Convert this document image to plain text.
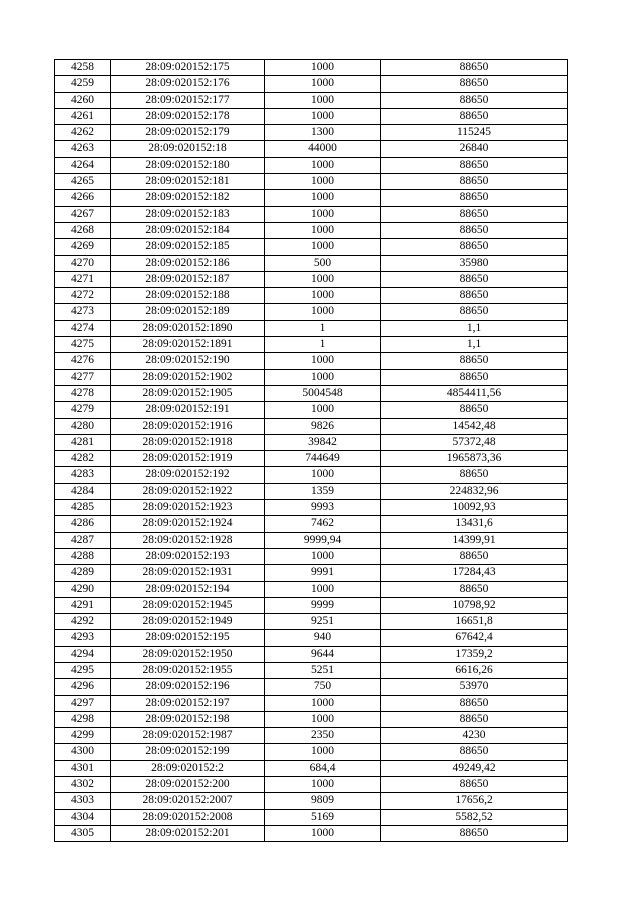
4258	28:09:020152:175	1000	88650
4259	28:09:020152:176	1000	88650
4260	28:09:020152:177	1000	88650
4261	28:09:020152:178	1000	88650
4262	28:09:020152:179	1300	115245
4263	28:09:020152:18	44000	26840
4264	28:09:020152:180	1000	88650
4265	28:09:020152:181	1000	88650
4266	28:09:020152:182	1000	88650
4267	28:09:020152:183	1000	88650
4268	28:09:020152:184	1000	88650
4269	28:09:020152:185	1000	88650
4270	28:09:020152:186	500	35980
4271	28:09:020152:187	1000	88650
4272	28:09:020152:188	1000	88650
4273	28:09:020152:189	1000	88650
4274	28:09:020152:1890	1	1,1
4275	28:09:020152:1891	1	1,1
4276	28:09:020152:190	1000	88650
4277	28:09:020152:1902	1000	88650
4278	28:09:020152:1905	5004548	4854411,56
4279	28:09:020152:191	1000	88650
4280	28:09:020152:1916	9826	14542,48
4281	28:09:020152:1918	39842	57372,48
4282	28:09:020152:1919	744649	1965873,36
4283	28:09:020152:192	1000	88650
4284	28:09:020152:1922	1359	224832,96
4285	28:09:020152:1923	9993	10092,93
4286	28:09:020152:1924	7462	13431,6
4287	28:09:020152:1928	9999,94	14399,91
4288	28:09:020152:193	1000	88650
4289	28:09:020152:1931	9991	17284,43
4290	28:09:020152:194	1000	88650
4291	28:09:020152:1945	9999	10798,92
4292	28:09:020152:1949	9251	16651,8
4293	28:09:020152:195	940	67642,4
4294	28:09:020152:1950	9644	17359,2
4295	28:09:020152:1955	5251	6616,26
4296	28:09:020152:196	750	53970
4297	28:09:020152:197	1000	88650
4298	28:09:020152:198	1000	88650
4299	28:09:020152:1987	2350	4230
4300	28:09:020152:199	1000	88650
4301	28:09:020152:2	684,4	49249,42
4302	28:09:020152:200	1000	88650
4303	28:09:020152:2007	9809	17656,2
4304	28:09:020152:2008	5169	5582,52
4305	28:09:020152:201	1000	88650
